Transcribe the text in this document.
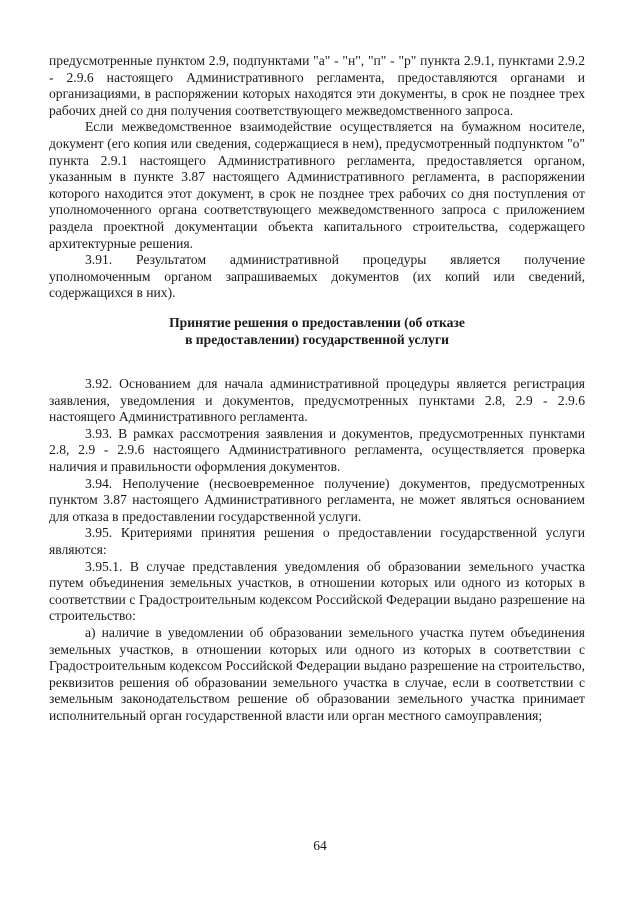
предусмотренные пунктом 2.9, подпунктами "а" - "н", "п" - "р" пункта 2.9.1, пунктами 2.9.2 - 2.9.6 настоящего Административного регламента, предоставляются органами и организациями, в распоряжении которых находятся эти документы, в срок не позднее трех рабочих дней со дня получения соответствующего межведомственного запроса.

Если межведомственное взаимодействие осуществляется на бумажном носителе, документ (его копия или сведения, содержащиеся в нем), предусмотренный подпунктом "о" пункта 2.9.1 настоящего Административного регламента, предоставляется органом, указанным в пункте 3.87 настоящего Административного регламента, в распоряжении которого находится этот документ, в срок не позднее трех рабочих со дня поступления от уполномоченного органа соответствующего межведомственного запроса с приложением раздела проектной документации объекта капитального строительства, содержащего архитектурные решения.

3.91. Результатом административной процедуры является получение уполномоченным органом запрашиваемых документов (их копий или сведений, содержащихся в них).

Принятие решения о предоставлении (об отказе
в предоставлении) государственной услуги

3.92. Основанием для начала административной процедуры является регистрация заявления, уведомления и документов, предусмотренных пунктами 2.8, 2.9 - 2.9.6 настоящего Административного регламента.

3.93. В рамках рассмотрения заявления и документов, предусмотренных пунктами 2.8, 2.9 - 2.9.6 настоящего Административного регламента, осуществляется проверка наличия и правильности оформления документов.

3.94. Неполучение (несвоевременное получение) документов, предусмотренных пунктом 3.87 настоящего Административного регламента, не может являться основанием для отказа в предоставлении государственной услуги.

3.95. Критериями принятия решения о предоставлении государственной услуги являются:

3.95.1. В случае представления уведомления об образовании земельного участка путем объединения земельных участков, в отношении которых или одного из которых в соответствии с Градостроительным кодексом Российской Федерации выдано разрешение на строительство:

а) наличие в уведомлении об образовании земельного участка путем объединения земельных участков, в отношении которых или одного из которых в соответствии с Градостроительным кодексом Российской Федерации выдано разрешение на строительство, реквизитов решения об образовании земельного участка в случае, если в соответствии с земельным законодательством решение об образовании земельного участка принимает исполнительный орган государственной власти или орган местного самоуправления;

64
